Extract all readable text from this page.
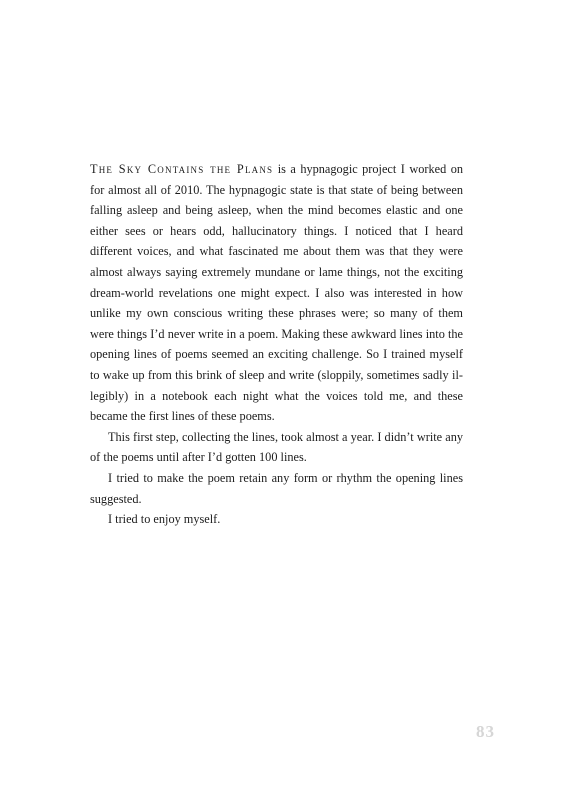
The Sky Contains the Plans is a hypnagogic project I worked on for almost all of 2010. The hypnagogic state is that state of being between falling asleep and being asleep, when the mind becomes elastic and one either sees or hears odd, hallucinatory things. I noticed that I heard different voices, and what fascinated me about them was that they were almost always saying extremely mundane or lame things, not the exciting dream-world revelations one might expect. I also was interested in how unlike my own conscious writing these phrases were; so many of them were things I’d never write in a poem. Making these awkward lines into the opening lines of poems seemed an exciting challenge. So I trained myself to wake up from this brink of sleep and write (sloppily, sometimes sadly illegibly) in a notebook each night what the voices told me, and these became the first lines of these poems.

This first step, collecting the lines, took almost a year. I didn’t write any of the poems until after I’d gotten 100 lines.

I tried to make the poem retain any form or rhythm the opening lines suggested.

I tried to enjoy myself.

83
